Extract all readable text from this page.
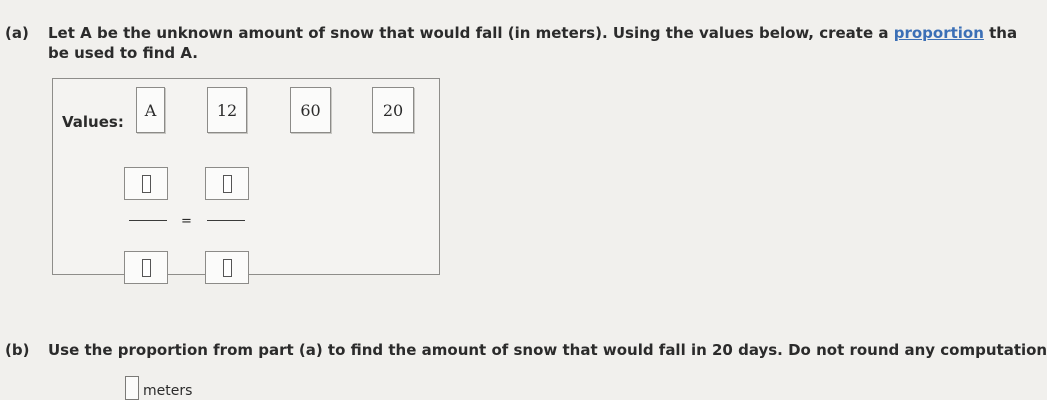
(a) Let A be the unknown amount of snow that would fall (in meters). Using the values below, create a proportion tha
be used to find A.
Values:
A	12	60	20
=
(b) Use the proportion from part (a) to find the amount of snow that would fall in 20 days. Do not round any computation
meters
